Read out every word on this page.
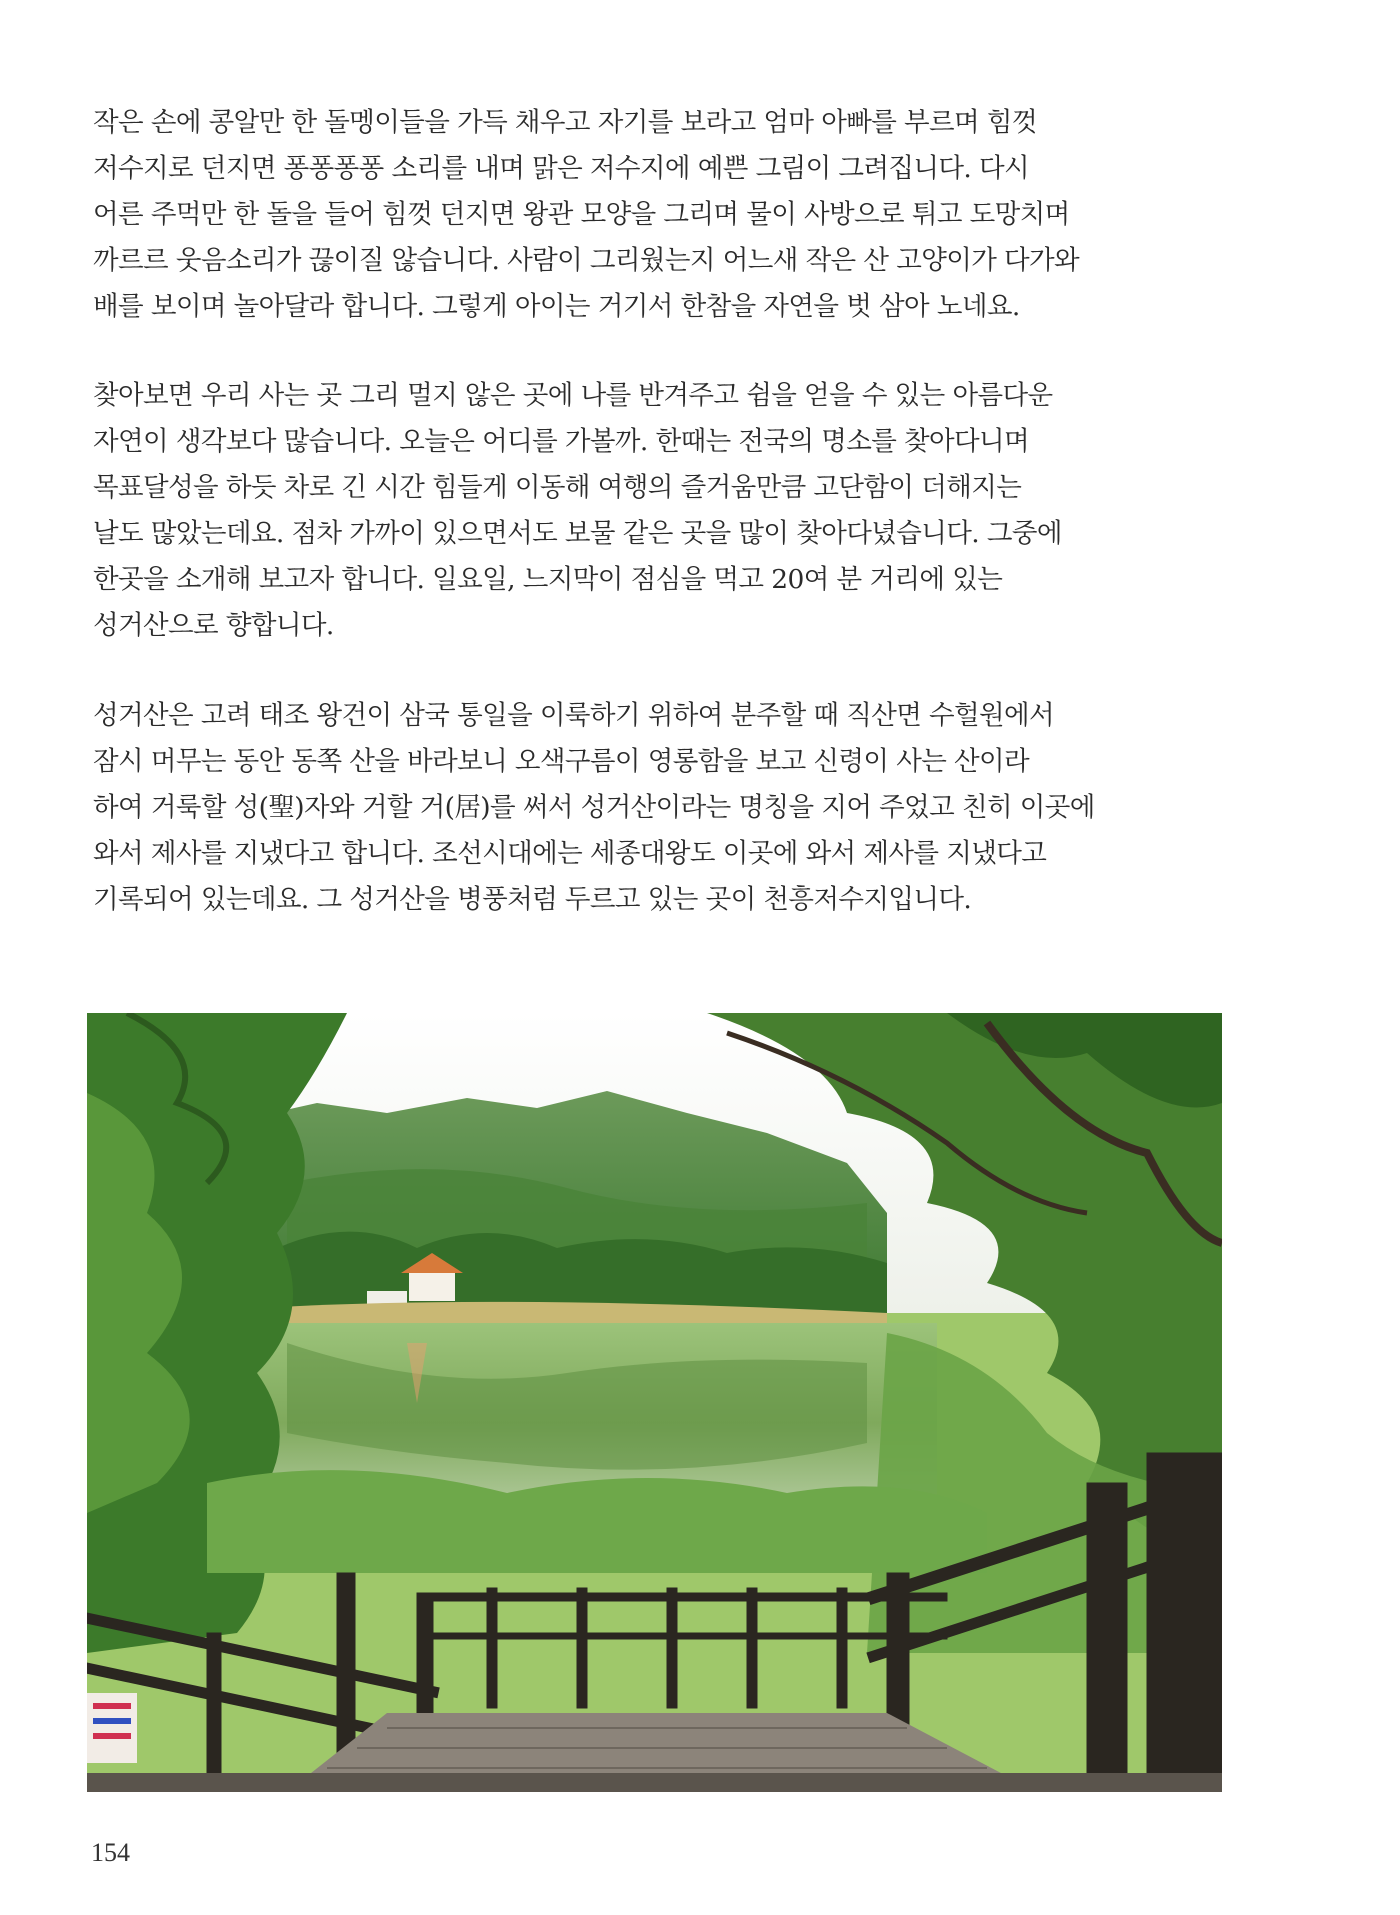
작은 손에 콩알만 한 돌멩이들을 가득 채우고 자기를 보라고 엄마 아빠를 부르며 힘껏

저수지로 던지면 퐁퐁퐁퐁 소리를 내며 맑은 저수지에 예쁜 그림이 그려집니다. 다시

어른 주먹만 한 돌을 들어 힘껏 던지면 왕관 모양을 그리며 물이 사방으로 튀고 도망치며

까르르 웃음소리가 끊이질 않습니다. 사람이 그리웠는지 어느새 작은 산 고양이가 다가와

배를 보이며 놀아달라 합니다. 그렇게 아이는 거기서 한참을 자연을 벗 삼아 노네요.

찾아보면 우리 사는 곳 그리 멀지 않은 곳에 나를 반겨주고 쉼을 얻을 수 있는 아름다운

자연이 생각보다 많습니다. 오늘은 어디를 가볼까. 한때는 전국의 명소를 찾아다니며

목표달성을 하듯 차로 긴 시간 힘들게 이동해 여행의 즐거움만큼 고단함이 더해지는

날도 많았는데요. 점차 가까이 있으면서도 보물 같은 곳을 많이 찾아다녔습니다. 그중에

한곳을 소개해 보고자 합니다. 일요일, 느지막이 점심을 먹고 20여 분 거리에 있는

성거산으로 향합니다.

성거산은 고려 태조 왕건이 삼국 통일을 이룩하기 위하여 분주할 때 직산면 수헐원에서

잠시 머무는 동안 동쪽 산을 바라보니 오색구름이 영롱함을 보고 신령이 사는 산이라

하여 거룩할 성(聖)자와 거할 거(居)를 써서 성거산이라는 명칭을 지어 주었고 친히 이곳에

와서 제사를 지냈다고 합니다. 조선시대에는 세종대왕도 이곳에 와서 제사를 지냈다고

기록되어 있는데요. 그 성거산을 병풍처럼 두르고 있는 곳이 천흥저수지입니다.

154
